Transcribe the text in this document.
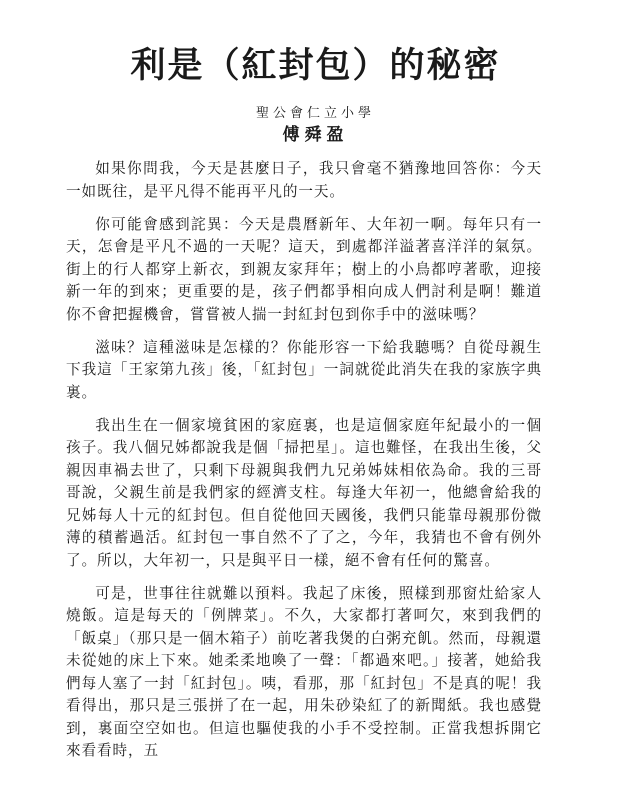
利是（紅封包）的秘密
聖公會仁立小學
傅舜盈

如果你問我，今天是甚麼日子，我只會毫不猶豫地回答你：今天一如既往，是平凡得不能再平凡的一天。

你可能會感到詫異：今天是農曆新年、大年初一啊。每年只有一天，怎會是平凡不過的一天呢？這天，到處都洋溢著喜洋洋的氣氛。街上的行人都穿上新衣，到親友家拜年；樹上的小鳥都哼著歌，迎接新一年的到來；更重要的是，孩子們都爭相向成人們討利是啊！難道你不會把握機會，嘗嘗被人揣一封紅封包到你手中的滋味嗎？

滋味？這種滋味是怎樣的？你能形容一下給我聽嗎？自從母親生下我這「王家第九孩」後，「紅封包」一詞就從此消失在我的家族字典裏。

我出生在一個家境貧困的家庭裏，也是這個家庭年紀最小的一個孩子。我八個兄姊都說我是個「掃把星」。這也難怪，在我出生後，父親因車禍去世了，只剩下母親與我們九兄弟姊妹相依為命。我的三哥哥說，父親生前是我們家的經濟支柱。每逢大年初一，他總會給我的兄姊每人十元的紅封包。但自從他回天國後，我們只能靠母親那份微薄的積蓄過活。紅封包一事自然不了了之，今年，我猜也不會有例外了。所以，大年初一，只是與平日一樣，絕不會有任何的驚喜。

可是，世事往往就難以預料。我起了床後，照樣到那窗灶給家人燒飯。這是每天的「例牌菜」。不久，大家都打著呵欠，來到我們的「飯桌」（那只是一個木箱子）前吃著我煲的白粥充飢。然而，母親還未從她的床上下來。她柔柔地喚了一聲：「都過來吧。」接著，她給我們每人塞了一封「紅封包」。咦，看那，那「紅封包」不是真的呢！我看得出，那只是三張拼了在一起，用朱砂染紅了的新聞紙。我也感覺到，裏面空空如也。但這也驅使我的小手不受控制。正當我想拆開它來看看時，五
